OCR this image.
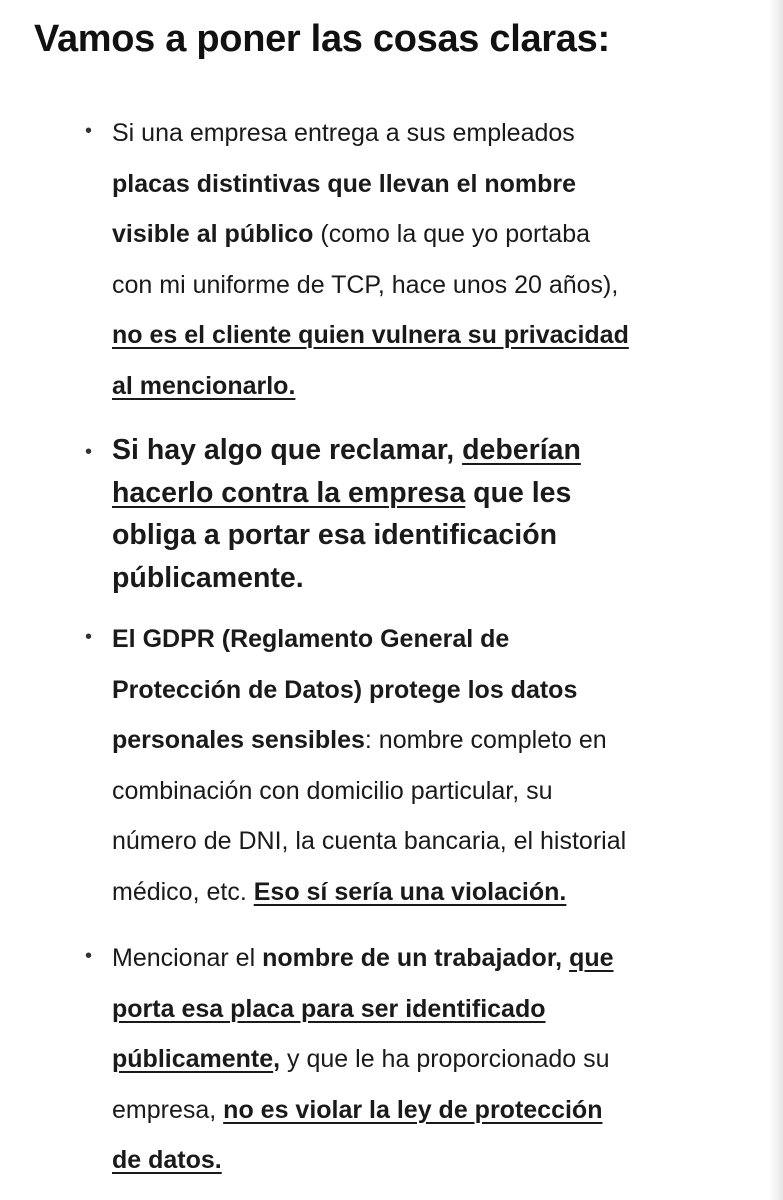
Vamos a poner las cosas claras:
• Si una empresa entrega a sus empleados
placas distintivas que llevan el nombre
visible al público (como la que yo portaba
con mi uniforme de TCP, hace unos 20 años),
no es el cliente quien vulnera su privacidad
al mencionarlo.

• Si hay algo que reclamar, deberían
hacerlo contra la empresa que les
obliga a portar esa identificación
públicamente.

• El GDPR (Reglamento General de
Protección de Datos) protege los datos
personales sensibles: nombre completo en
combinación con domicilio particular, su
número de DNI, la cuenta bancaria, el historial
médico, etc. Eso sí sería una violación.

• Mencionar el nombre de un trabajador, que
porta esa placa para ser identificado
públicamente, y que le ha proporcionado su
empresa, no es violar la ley de protección
de datos.
